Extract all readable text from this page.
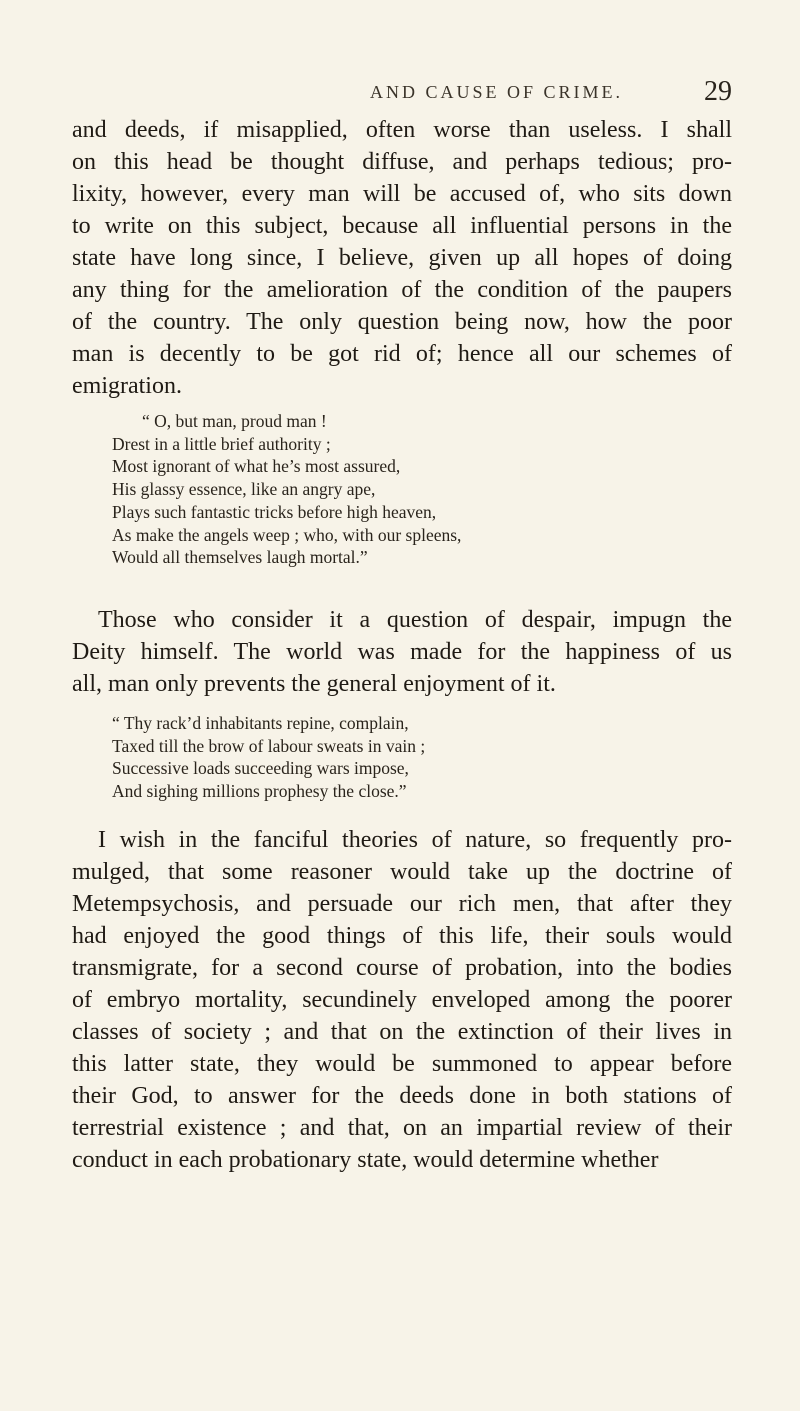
AND CAUSE OF CRIME.	29
and deeds, if misapplied, often worse than useless. I shall
on this head be thought diffuse, and perhaps tedious; pro-
lixity, however, every man will be accused of, who sits down
to write on this subject, because all influential persons in the
state have long since, I believe, given up all hopes of doing
any thing for the amelioration of the condition of the paupers
of the country. The only question being now, how the poor
man is decently to be got rid of; hence all our schemes of
emigration.
“ O, but man, proud man !
Drest in a little brief authority ;
Most ignorant of what he’s most assured,
His glassy essence, like an angry ape,
Plays such fantastic tricks before high heaven,
As make the angels weep ; who, with our spleens,
Would all themselves laugh mortal.”
Those who consider it a question of despair, impugn the
Deity himself. The world was made for the happiness of us
all, man only prevents the general enjoyment of it.
“ Thy rack’d inhabitants repine, complain,
Taxed till the brow of labour sweats in vain ;
Successive loads succeeding wars impose,
And sighing millions prophesy the close.”
I wish in the fanciful theories of nature, so frequently pro-
mulged, that some reasoner would take up the doctrine of
Metempsychosis, and persuade our rich men, that after they
had enjoyed the good things of this life, their souls would
transmigrate, for a second course of probation, into the bodies
of embryo mortality, secundinely enveloped among the poorer
classes of society ; and that on the extinction of their lives in
this latter state, they would be summoned to appear before
their God, to answer for the deeds done in both stations of
terrestrial existence ; and that, on an impartial review of their
conduct in each probationary state, would determine whether
